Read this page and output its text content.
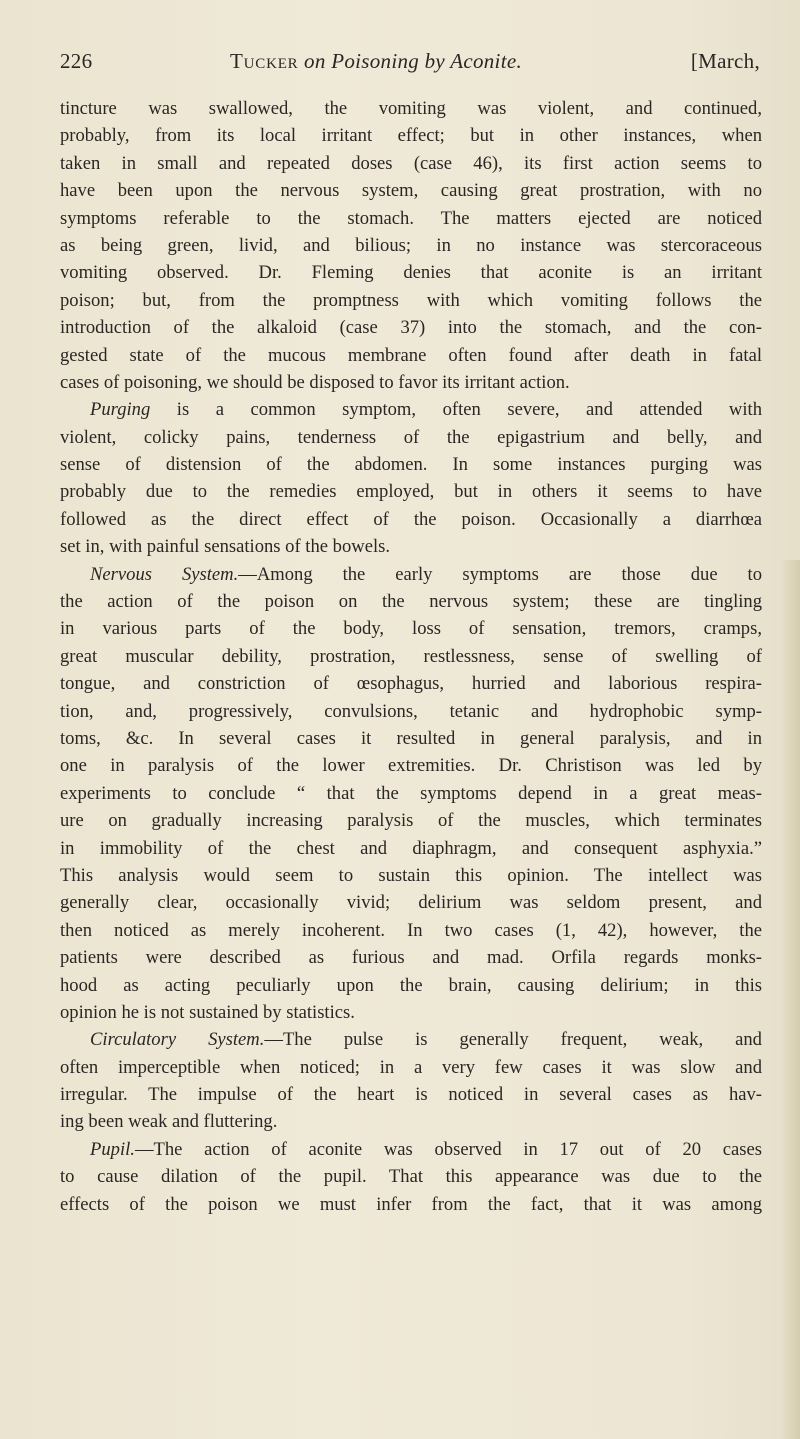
226	Tucker on Poisoning by Aconite.	[March,
tincture was swallowed, the vomiting was violent, and continued,
probably, from its local irritant effect; but in other instances, when
taken in small and repeated doses (case 46), its first action seems to
have been upon the nervous system, causing great prostration, with no
symptoms referable to the stomach. The matters ejected are noticed
as being green, livid, and bilious; in no instance was stercoraceous
vomiting observed. Dr. Fleming denies that aconite is an irritant
poison; but, from the promptness with which vomiting follows the
introduction of the alkaloid (case 37) into the stomach, and the con-
gested state of the mucous membrane often found after death in fatal
cases of poisoning, we should be disposed to favor its irritant action.
Purging is a common symptom, often severe, and attended with
violent, colicky pains, tenderness of the epigastrium and belly, and
sense of distension of the abdomen. In some instances purging was
probably due to the remedies employed, but in others it seems to have
followed as the direct effect of the poison. Occasionally a diarrhœa
set in, with painful sensations of the bowels.
Nervous System.—Among the early symptoms are those due to
the action of the poison on the nervous system; these are tingling
in various parts of the body, loss of sensation, tremors, cramps,
great muscular debility, prostration, restlessness, sense of swelling of
tongue, and constriction of œsophagus, hurried and laborious respira-
tion, and, progressively, convulsions, tetanic and hydrophobic symp-
toms, &c. In several cases it resulted in general paralysis, and in
one in paralysis of the lower extremities. Dr. Christison was led by
experiments to conclude “ that the symptoms depend in a great meas-
ure on gradually increasing paralysis of the muscles, which terminates
in immobility of the chest and diaphragm, and consequent asphyxia.”
This analysis would seem to sustain this opinion. The intellect was
generally clear, occasionally vivid; delirium was seldom present, and
then noticed as merely incoherent. In two cases (1, 42), however, the
patients were described as furious and mad. Orfila regards monks-
hood as acting peculiarly upon the brain, causing delirium; in this
opinion he is not sustained by statistics.
Circulatory System.—The pulse is generally frequent, weak, and
often imperceptible when noticed; in a very few cases it was slow and
irregular. The impulse of the heart is noticed in several cases as hav-
ing been weak and fluttering.
Pupil.—The action of aconite was observed in 17 out of 20 cases
to cause dilation of the pupil. That this appearance was due to the
effects of the poison we must infer from the fact, that it was among
